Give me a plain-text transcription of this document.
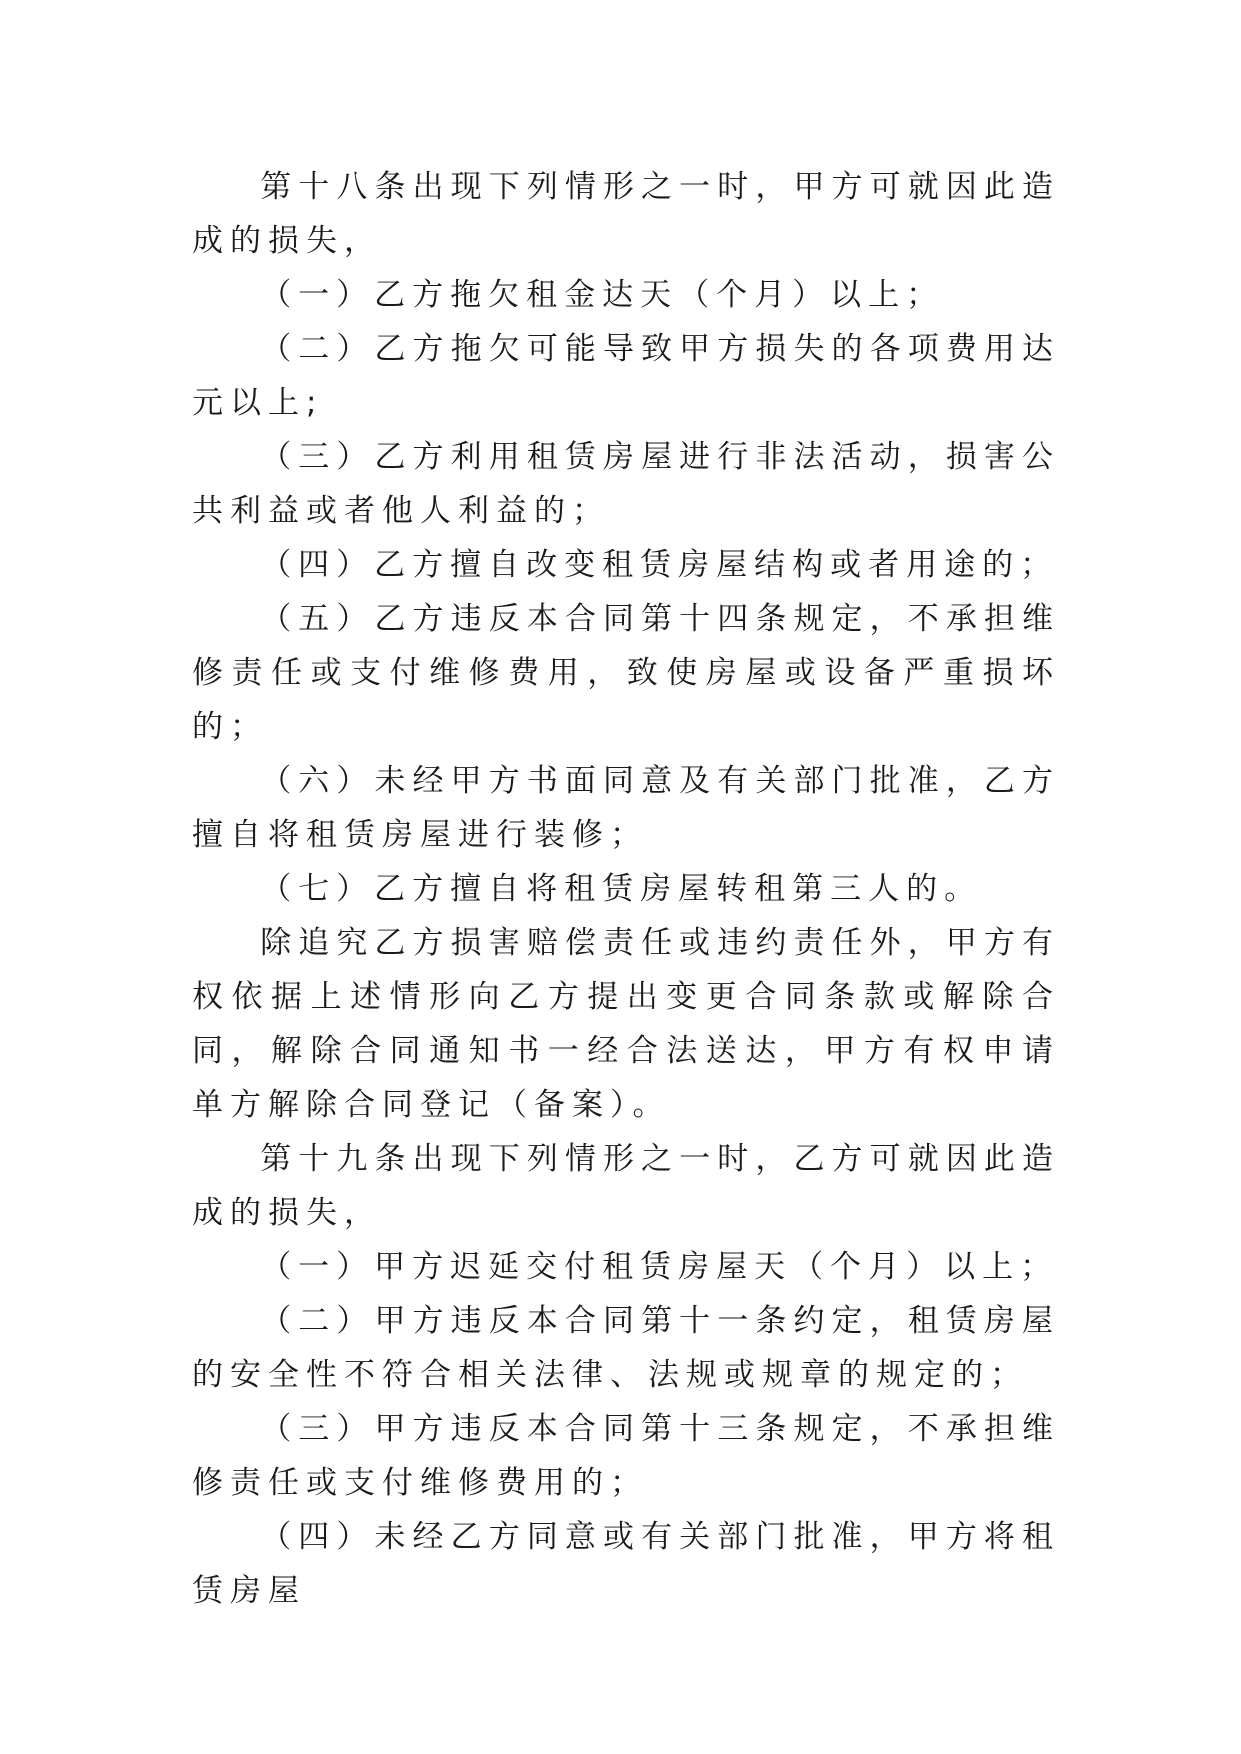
第十八条出现下列情形之一时，甲方可就因此造成的损失，

（一）乙方拖欠租金达天（个月）以上；

（二）乙方拖欠可能导致甲方损失的各项费用达元以上;

（三）乙方利用租赁房屋进行非法活动，损害公共利益或者他人利益的；

（四）乙方擅自改变租赁房屋结构或者用途的；

（五）乙方违反本合同第十四条规定，不承担维修责任或支付维修费用，致使房屋或设备严重损坏的；

（六）未经甲方书面同意及有关部门批准，乙方擅自将租赁房屋进行装修；

（七）乙方擅自将租赁房屋转租第三人的。

除追究乙方损害赔偿责任或违约责任外，甲方有权依据上述情形向乙方提出变更合同条款或解除合同，解除合同通知书一经合法送达，甲方有权申请单方解除合同登记（备案）。

第十九条出现下列情形之一时，乙方可就因此造成的损失，

（一）甲方迟延交付租赁房屋天（个月）以上；

（二）甲方违反本合同第十一条约定，租赁房屋的安全性不符合相关法律、法规或规章的规定的；

（三）甲方违反本合同第十三条规定，不承担维修责任或支付维修费用的；

（四）未经乙方同意或有关部门批准，甲方将租赁房屋
